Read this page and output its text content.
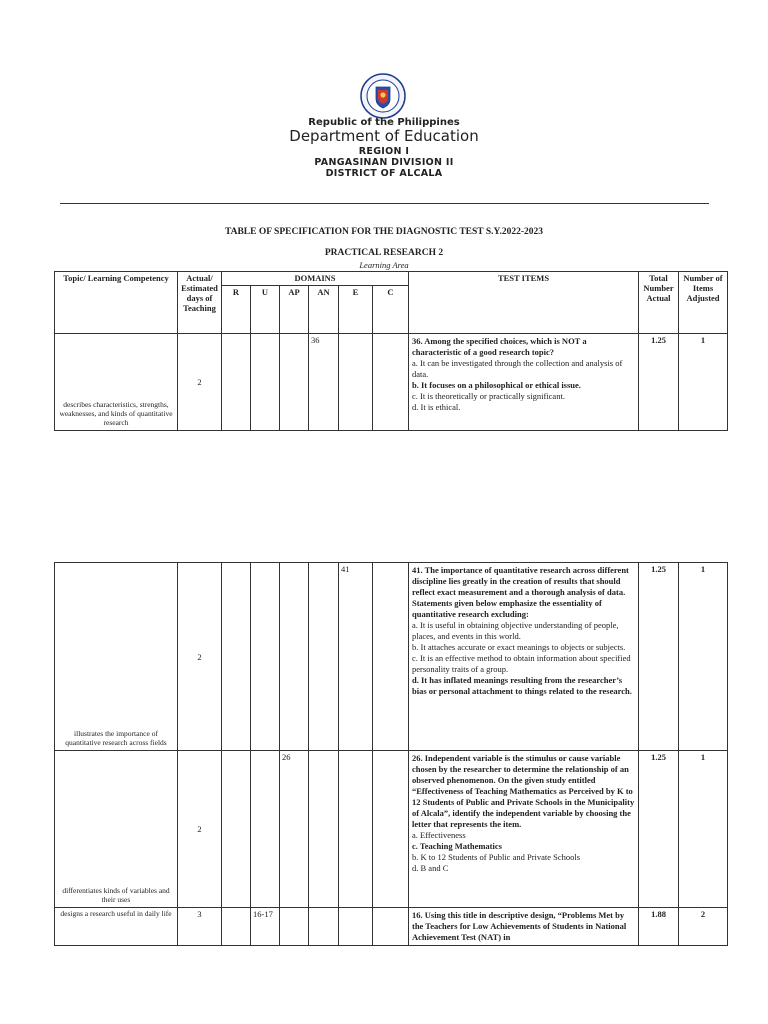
Republic of the Philippines
Department of Education
REGION I
PANGASINAN DIVISION II
DISTRICT OF ALCALA
TABLE OF SPECIFICATION FOR THE DIAGNOSTIC TEST S.Y.2022-2023
PRACTICAL RESEARCH 2
Learning Area
Topic/ Learning Competency	Actual/ Estimated days of Teaching	DOMAINS						TEST ITEMS	Total Number Actual	Number of Items Adjusted
		R	U	AP	AN	E	C			
describes characteristics, strengths, weaknesses, and kinds of quantitative research	2				36			36. Among the specified choices, which is NOT a characteristic of a good research topic?
a. It can be investigated through the collection and analysis of data.
b. It focuses on a philosophical or ethical issue.
c. It is theoretically or practically significant.
d. It is ethical.	1.25	1
illustrates the importance of quantitative research across fields	2					41		41. The importance of quantitative research across different discipline lies greatly in the creation of results that should reflect exact measurement and a thorough analysis of data. Statements given below emphasize the essentiality of quantitative research excluding:
a. It is useful in obtaining objective understanding of people, places, and events in this world.
b. It attaches accurate or exact meanings to objects or subjects.
c. It is an effective method to obtain information about specified personality traits of a group.
d. It has inflated meanings resulting from the researcher’s bias or personal attachment to things related to the research.	1.25	1
differentiates kinds of variables and their uses	2			26				26. Independent variable is the stimulus or cause variable chosen by the researcher to determine the relationship of an observed phenomenon. On the given study entitled “Effectiveness of Teaching Mathematics as Perceived by K to 12 Students of Public and Private Schools in the Municipality of Alcala”, identify the independent variable by choosing the letter that represents the item.
a. Effectiveness
c. Teaching Mathematics
b. K to 12 Students of Public and Private Schools
d. B and C	1.25	1
designs a research useful in daily life	3		16-17					16. Using this title in descriptive design, “Problems Met by the Teachers for Low Achievements of Students in National Achievement Test (NAT) in	1.88	2
